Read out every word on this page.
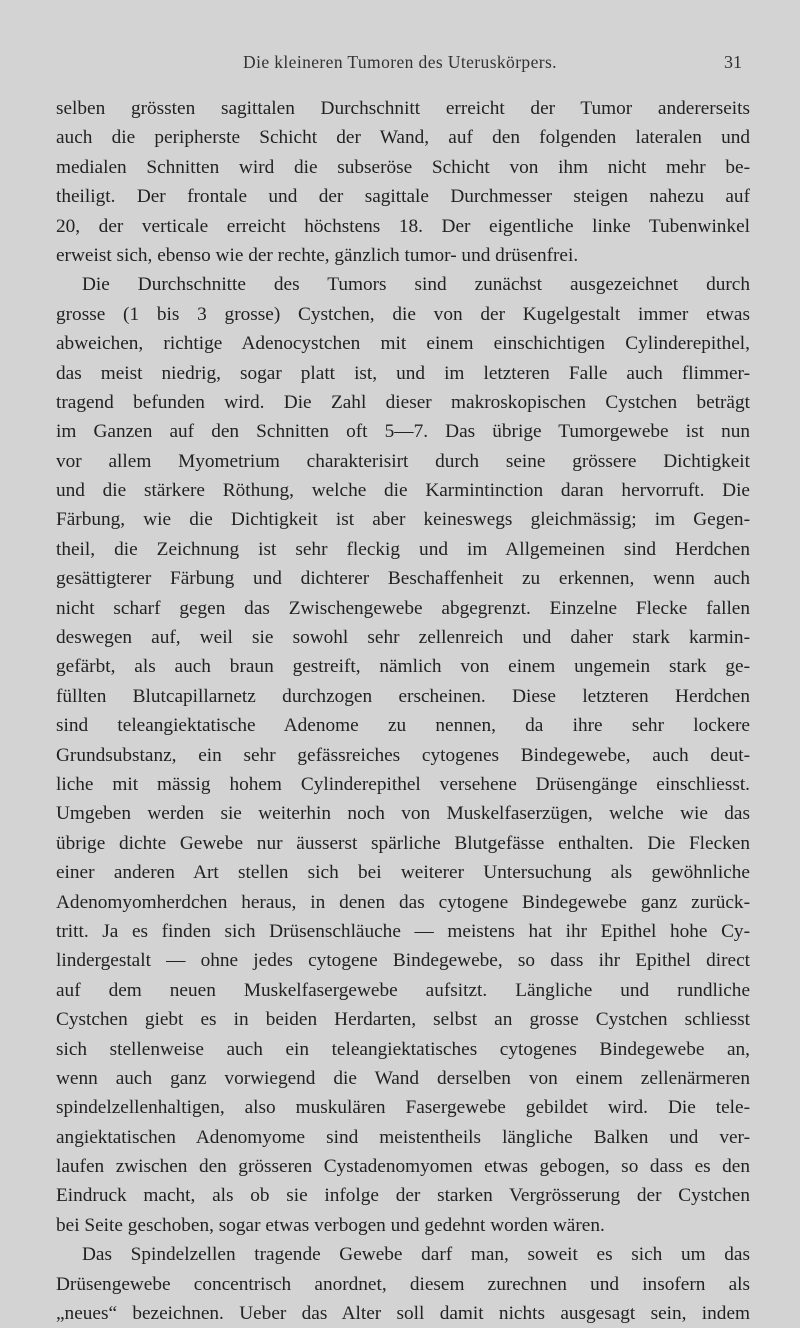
Die kleineren Tumoren des Uteruskörpers.	31
selben grössten sagittalen Durchschnitt erreicht der Tumor andererseits
auch die peripherste Schicht der Wand, auf den folgenden lateralen und
medialen Schnitten wird die subseröse Schicht von ihm nicht mehr be-
theiligt. Der frontale und der sagittale Durchmesser steigen nahezu auf
20, der verticale erreicht höchstens 18. Der eigentliche linke Tubenwinkel
erweist sich, ebenso wie der rechte, gänzlich tumor- und drüsenfrei.
Die Durchschnitte des Tumors sind zunächst ausgezeichnet durch
grosse (1 bis 3 grosse) Cystchen, die von der Kugelgestalt immer etwas
abweichen, richtige Adenocystchen mit einem einschichtigen Cylinderepithel,
das meist niedrig, sogar platt ist, und im letzteren Falle auch flimmer-
tragend befunden wird. Die Zahl dieser makroskopischen Cystchen beträgt
im Ganzen auf den Schnitten oft 5—7. Das übrige Tumorgewebe ist nun
vor allem Myometrium charakterisirt durch seine grössere Dichtigkeit
und die stärkere Röthung, welche die Karmintinction daran hervorruft. Die
Färbung, wie die Dichtigkeit ist aber keineswegs gleichmässig; im Gegen-
theil, die Zeichnung ist sehr fleckig und im Allgemeinen sind Herdchen
gesättigterer Färbung und dichterer Beschaffenheit zu erkennen, wenn auch
nicht scharf gegen das Zwischengewebe abgegrenzt. Einzelne Flecke fallen
deswegen auf, weil sie sowohl sehr zellenreich und daher stark karmin-
gefärbt, als auch braun gestreift, nämlich von einem ungemein stark ge-
füllten Blutcapillarnetz durchzogen erscheinen. Diese letzteren Herdchen
sind teleangiektatische Adenome zu nennen, da ihre sehr lockere
Grundsubstanz, ein sehr gefässreiches cytogenes Bindegewebe, auch deut-
liche mit mässig hohem Cylinderepithel versehene Drüsengänge einschliesst.
Umgeben werden sie weiterhin noch von Muskelfaserzügen, welche wie das
übrige dichte Gewebe nur äusserst spärliche Blutgefässe enthalten. Die Flecken
einer anderen Art stellen sich bei weiterer Untersuchung als gewöhnliche
Adenomyomherdchen heraus, in denen das cytogene Bindegewebe ganz zurück-
tritt. Ja es finden sich Drüsenschläuche — meistens hat ihr Epithel hohe Cy-
lindergestalt — ohne jedes cytogene Bindegewebe, so dass ihr Epithel direct
auf dem neuen Muskelfasergewebe aufsitzt. Längliche und rundliche
Cystchen giebt es in beiden Herdarten, selbst an grosse Cystchen schliesst
sich stellenweise auch ein teleangiektatisches cytogenes Bindegewebe an,
wenn auch ganz vorwiegend die Wand derselben von einem zellenärmeren
spindelzellenhaltigen, also muskulären Fasergewebe gebildet wird. Die tele-
angiektatischen Adenomyome sind meistentheils längliche Balken und ver-
laufen zwischen den grösseren Cystadenomyomen etwas gebogen, so dass es den
Eindruck macht, als ob sie infolge der starken Vergrösserung der Cystchen
bei Seite geschoben, sogar etwas verbogen und gedehnt worden wären.
Das Spindelzellen tragende Gewebe darf man, soweit es sich um das
Drüsengewebe concentrisch anordnet, diesem zurechnen und insofern als
„neues“ bezeichnen. Ueber das Alter soll damit nichts ausgesagt sein, indem
